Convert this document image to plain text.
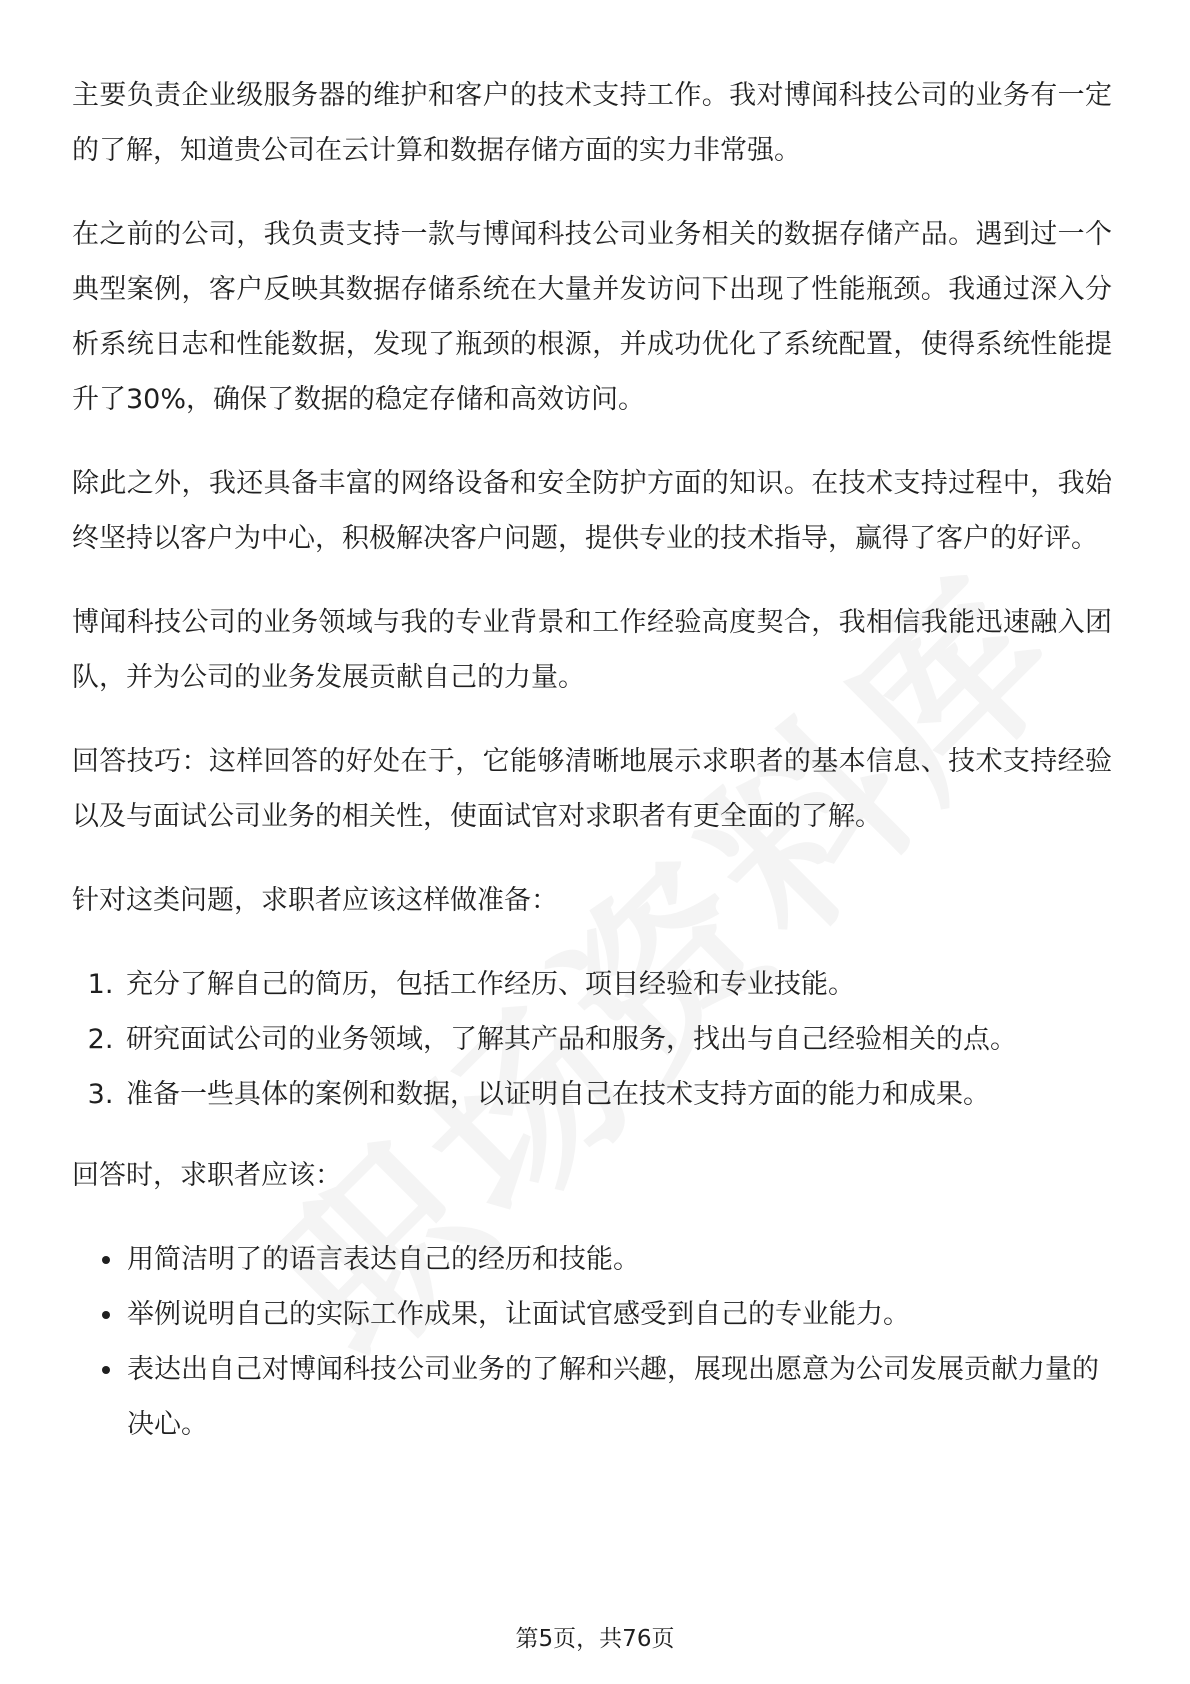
主要负责企业级服务器的维护和客户的技术支持工作。我对博闻科技公司的业务有一定的了解，知道贵公司在云计算和数据存储方面的实力非常强。

在之前的公司，我负责支持一款与博闻科技公司业务相关的数据存储产品。遇到过一个典型案例，客户反映其数据存储系统在大量并发访问下出现了性能瓶颈。我通过深入分析系统日志和性能数据，发现了瓶颈的根源，并成功优化了系统配置，使得系统性能提升了30%，确保了数据的稳定存储和高效访问。

除此之外，我还具备丰富的网络设备和安全防护方面的知识。在技术支持过程中，我始终坚持以客户为中心，积极解决客户问题，提供专业的技术指导，赢得了客户的好评。

博闻科技公司的业务领域与我的专业背景和工作经验高度契合，我相信我能迅速融入团队，并为公司的业务发展贡献自己的力量。

回答技巧：这样回答的好处在于，它能够清晰地展示求职者的基本信息、技术支持经验以及与面试公司业务的相关性，使面试官对求职者有更全面的了解。

针对这类问题，求职者应该这样做准备：

1. 充分了解自己的简历，包括工作经历、项目经验和专业技能。
2. 研究面试公司的业务领域，了解其产品和服务，找出与自己经验相关的点。
3. 准备一些具体的案例和数据，以证明自己在技术支持方面的能力和成果。

回答时，求职者应该：

• 用简洁明了的语言表达自己的经历和技能。
• 举例说明自己的实际工作成果，让面试官感受到自己的专业能力。
• 表达出自己对博闻科技公司业务的了解和兴趣，展现出愿意为公司发展贡献力量的决心。
第5页，共76页
